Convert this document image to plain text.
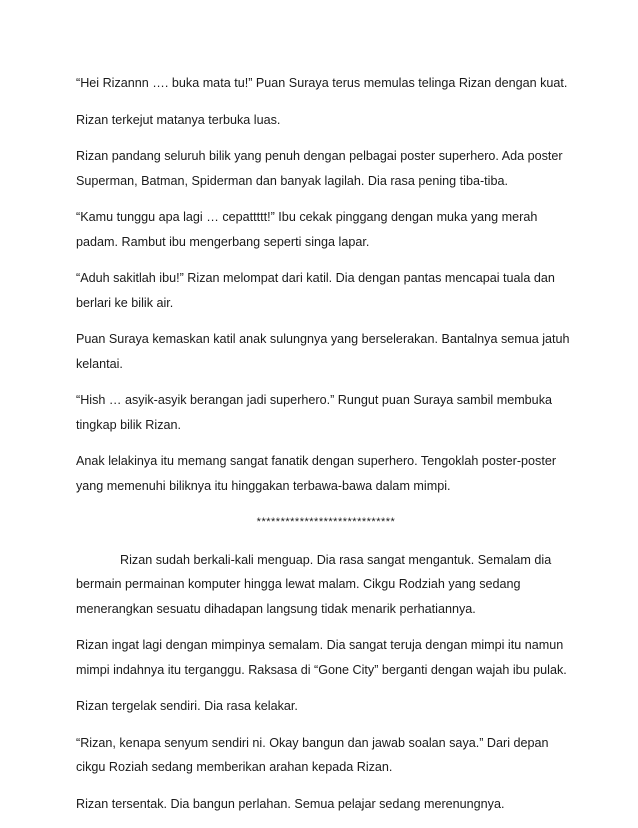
“Hei Rizannn …. buka mata tu!” Puan Suraya terus memulas telinga Rizan dengan kuat.

Rizan terkejut matanya terbuka luas.

Rizan pandang seluruh bilik yang penuh dengan pelbagai poster superhero. Ada poster Superman, Batman, Spiderman dan banyak lagilah. Dia rasa pening tiba-tiba.

“Kamu tunggu apa lagi … cepattttt!” Ibu cekak pinggang dengan muka yang merah padam. Rambut ibu mengerbang seperti singa lapar.

“Aduh sakitlah ibu!” Rizan melompat dari katil. Dia dengan pantas mencapai tuala dan berlari ke bilik air.

Puan Suraya kemaskan katil anak sulungnya yang berselerakan. Bantalnya semua jatuh kelantai.

“Hish … asyik-asyik berangan jadi superhero.” Rungut puan Suraya sambil membuka tingkap bilik Rizan.

Anak lelakinya itu memang sangat fanatik dengan superhero. Tengoklah poster-poster yang memenuhi biliknya itu hinggakan terbawa-bawa dalam mimpi.

*****************************

Rizan sudah berkali-kali menguap. Dia rasa sangat mengantuk. Semalam dia bermain permainan komputer hingga lewat malam. Cikgu Rodziah yang sedang menerangkan sesuatu dihadapan langsung tidak menarik perhatiannya.

Rizan ingat lagi dengan mimpinya semalam. Dia sangat teruja dengan mimpi itu namun mimpi indahnya itu terganggu. Raksasa di “Gone City” berganti dengan wajah ibu pulak.

Rizan tergelak sendiri. Dia rasa kelakar.

“Rizan, kenapa senyum sendiri ni. Okay bangun dan jawab soalan saya.” Dari depan cikgu Roziah sedang memberikan arahan kepada Rizan.

Rizan tersentak. Dia bangun perlahan. Semua pelajar sedang merenungnya.
